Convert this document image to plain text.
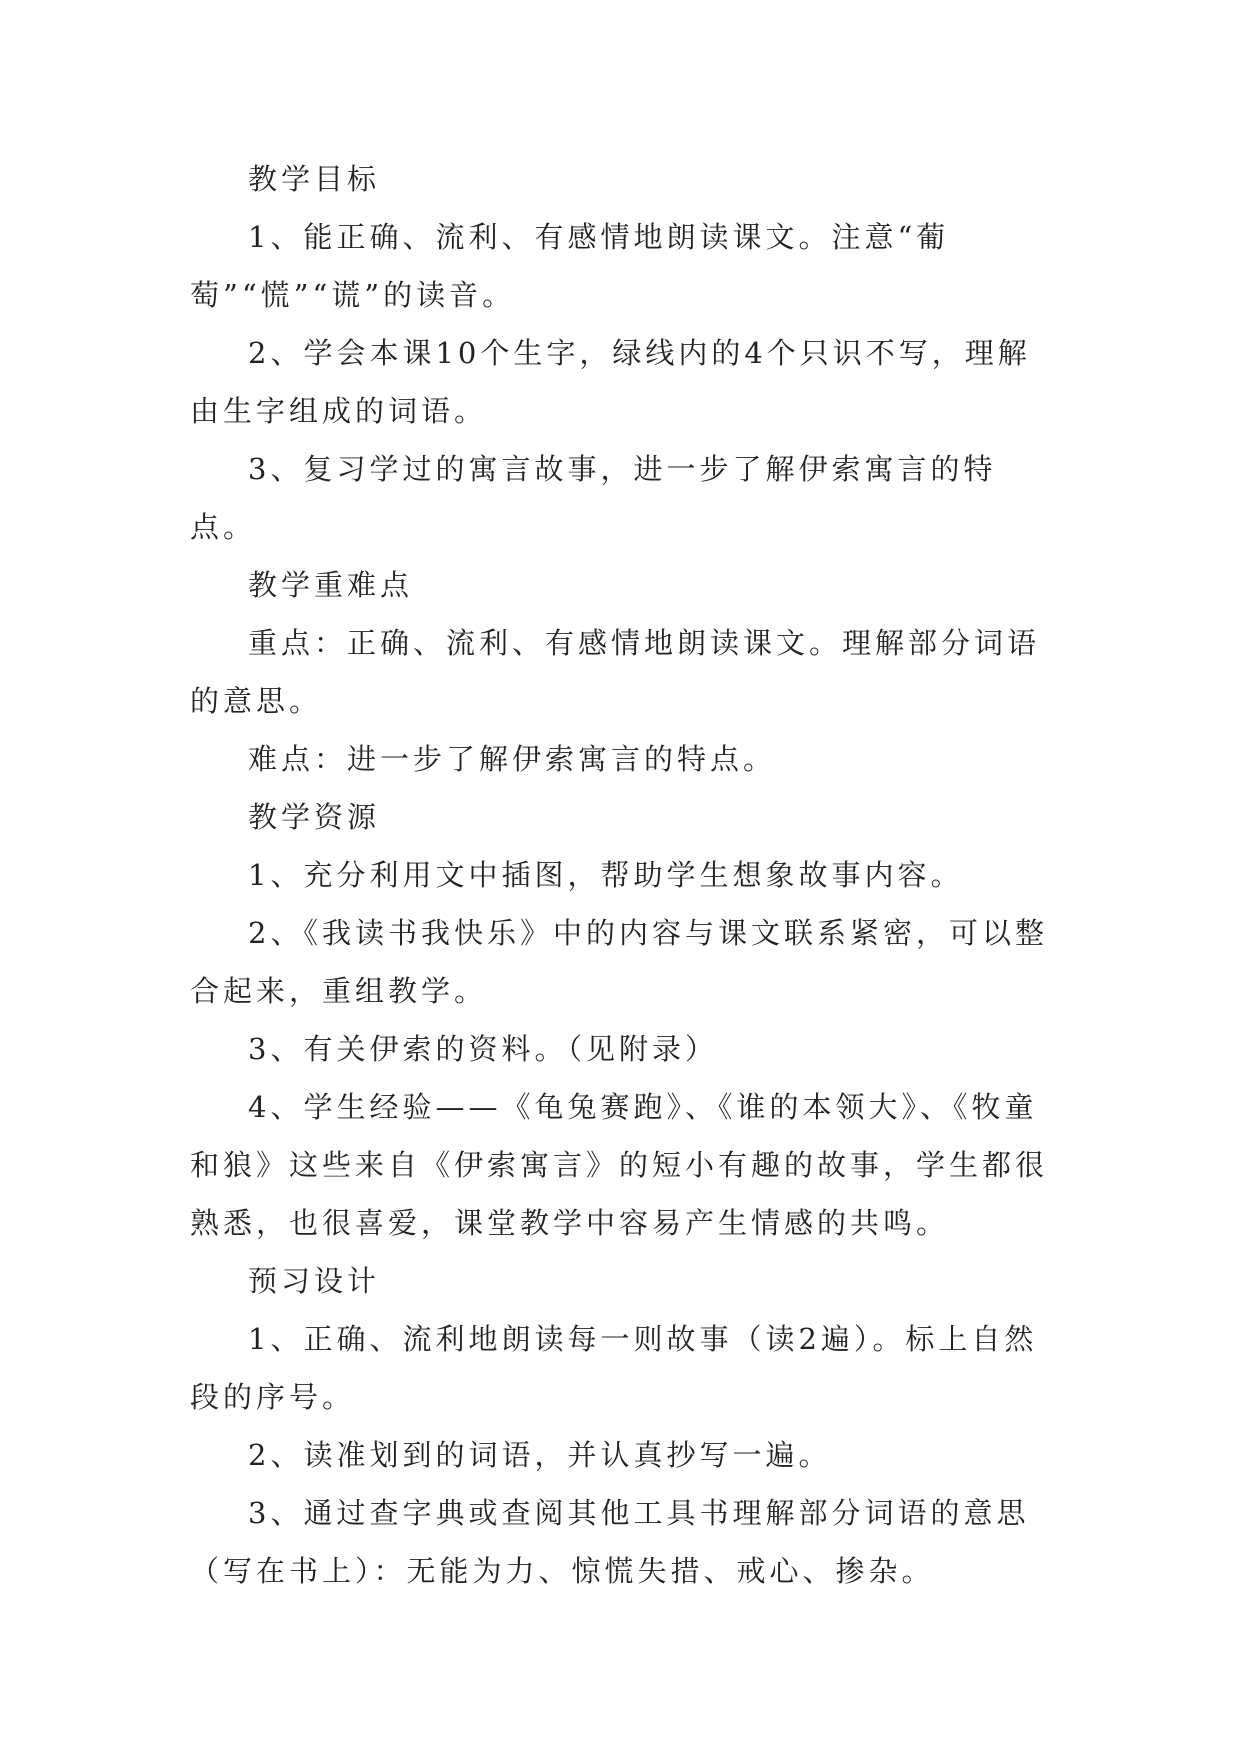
教学目标

1、能正确、流利、有感情地朗读课文。注意“葡萄”“慌”“谎”的读音。

2、学会本课10个生字，绿线内的4个只识不写，理解由生字组成的词语。

3、复习学过的寓言故事，进一步了解伊索寓言的特点。

教学重难点

重点：正确、流利、有感情地朗读课文。理解部分词语的意思。

难点：进一步了解伊索寓言的特点。

教学资源

1、充分利用文中插图，帮助学生想象故事内容。

2、《我读书我快乐》中的内容与课文联系紧密，可以整合起来，重组教学。

3、有关伊索的资料。（见附录）

4、学生经验——《龟兔赛跑》、《谁的本领大》、《牧童和狼》这些来自《伊索寓言》的短小有趣的故事，学生都很熟悉，也很喜爱，课堂教学中容易产生情感的共鸣。

预习设计

1、正确、流利地朗读每一则故事（读2遍）。标上自然段的序号。

2、读准划到的词语，并认真抄写一遍。

3、通过查字典或查阅其他工具书理解部分词语的意思（写在书上）：无能为力、惊慌失措、戒心、掺杂。
